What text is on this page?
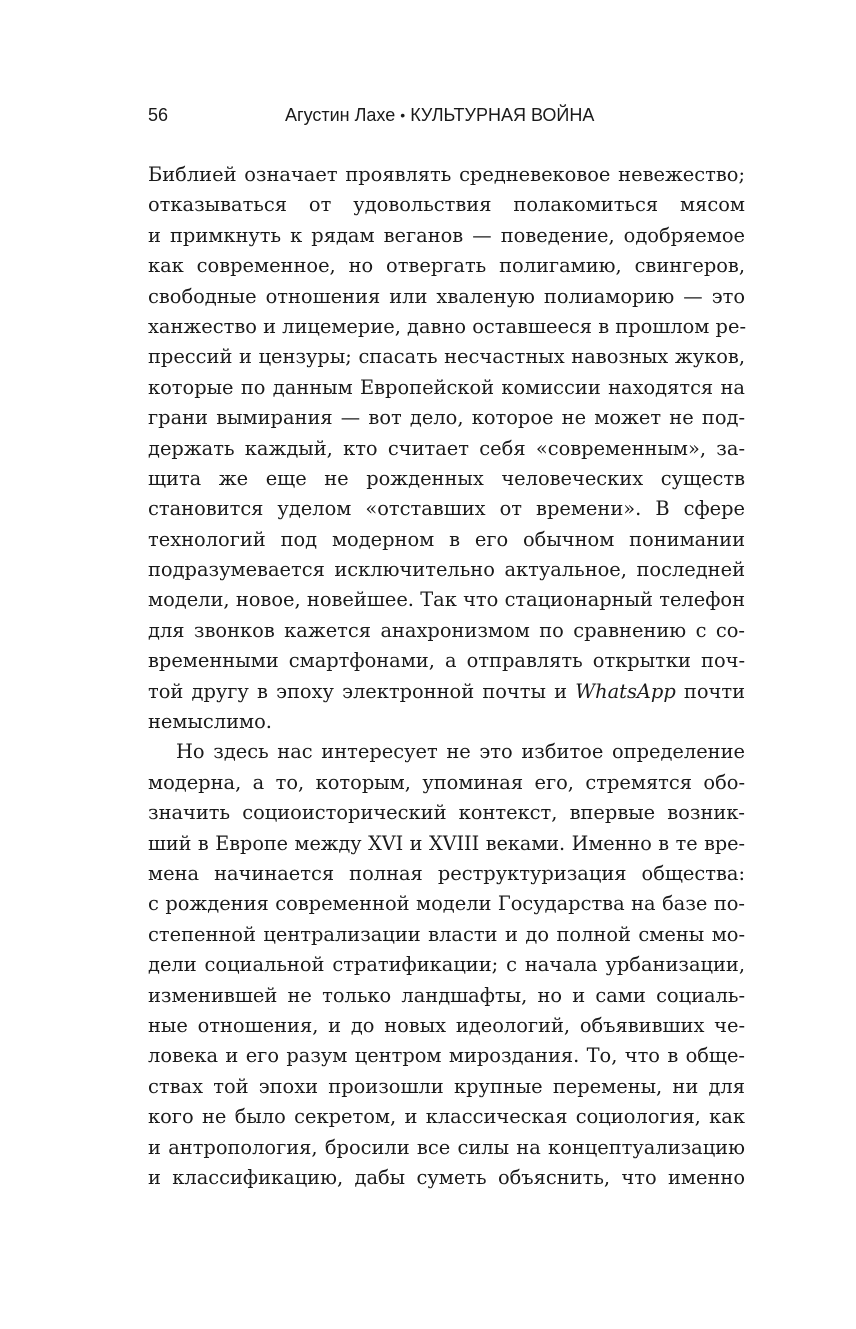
56	Агустин Лахе • КУЛЬТУРНАЯ ВОЙНА
Библией означает проявлять средневековое невежество;
отказываться от удовольствия полакомиться мясом
и примкнуть к рядам веганов — поведение, одобряемое
как современное, но отвергать полигамию, свингеров,
свободные отношения или хваленую полиаморию — это
ханжество и лицемерие, давно оставшееся в прошлом ре-
прессий и цензуры; спасать несчастных навозных жуков,
которые по данным Европейской комиссии находятся на
грани вымирания — вот дело, которое не может не под-
держать каждый, кто считает себя «современным», за-
щита же еще не рожденных человеческих существ
становится уделом «отставших от времени». В сфере
технологий под модерном в его обычном понимании
подразумевается исключительно актуальное, последней
модели, новое, новейшее. Так что стационарный телефон
для звонков кажется анахронизмом по сравнению с со-
временными смартфонами, а отправлять открытки поч-
той другу в эпоху электронной почты и WhatsApp почти
немыслимо.
Но здесь нас интересует не это избитое определение
модерна, а то, которым, упоминая его, стремятся обо-
значить социоисторический контекст, впервые возник-
ший в Европе между XVI и XVIII веками. Именно в те вре-
мена начинается полная реструктуризация общества:
с рождения современной модели Государства на базе по-
степенной централизации власти и до полной смены мо-
дели социальной стратификации; с начала урбанизации,
изменившей не только ландшафты, но и сами социаль-
ные отношения, и до новых идеологий, объявивших че-
ловека и его разум центром мироздания. То, что в обще-
ствах той эпохи произошли крупные перемены, ни для
кого не было секретом, и классическая социология, как
и антропология, бросили все силы на концептуализацию
и классификацию, дабы суметь объяснить, что именно
